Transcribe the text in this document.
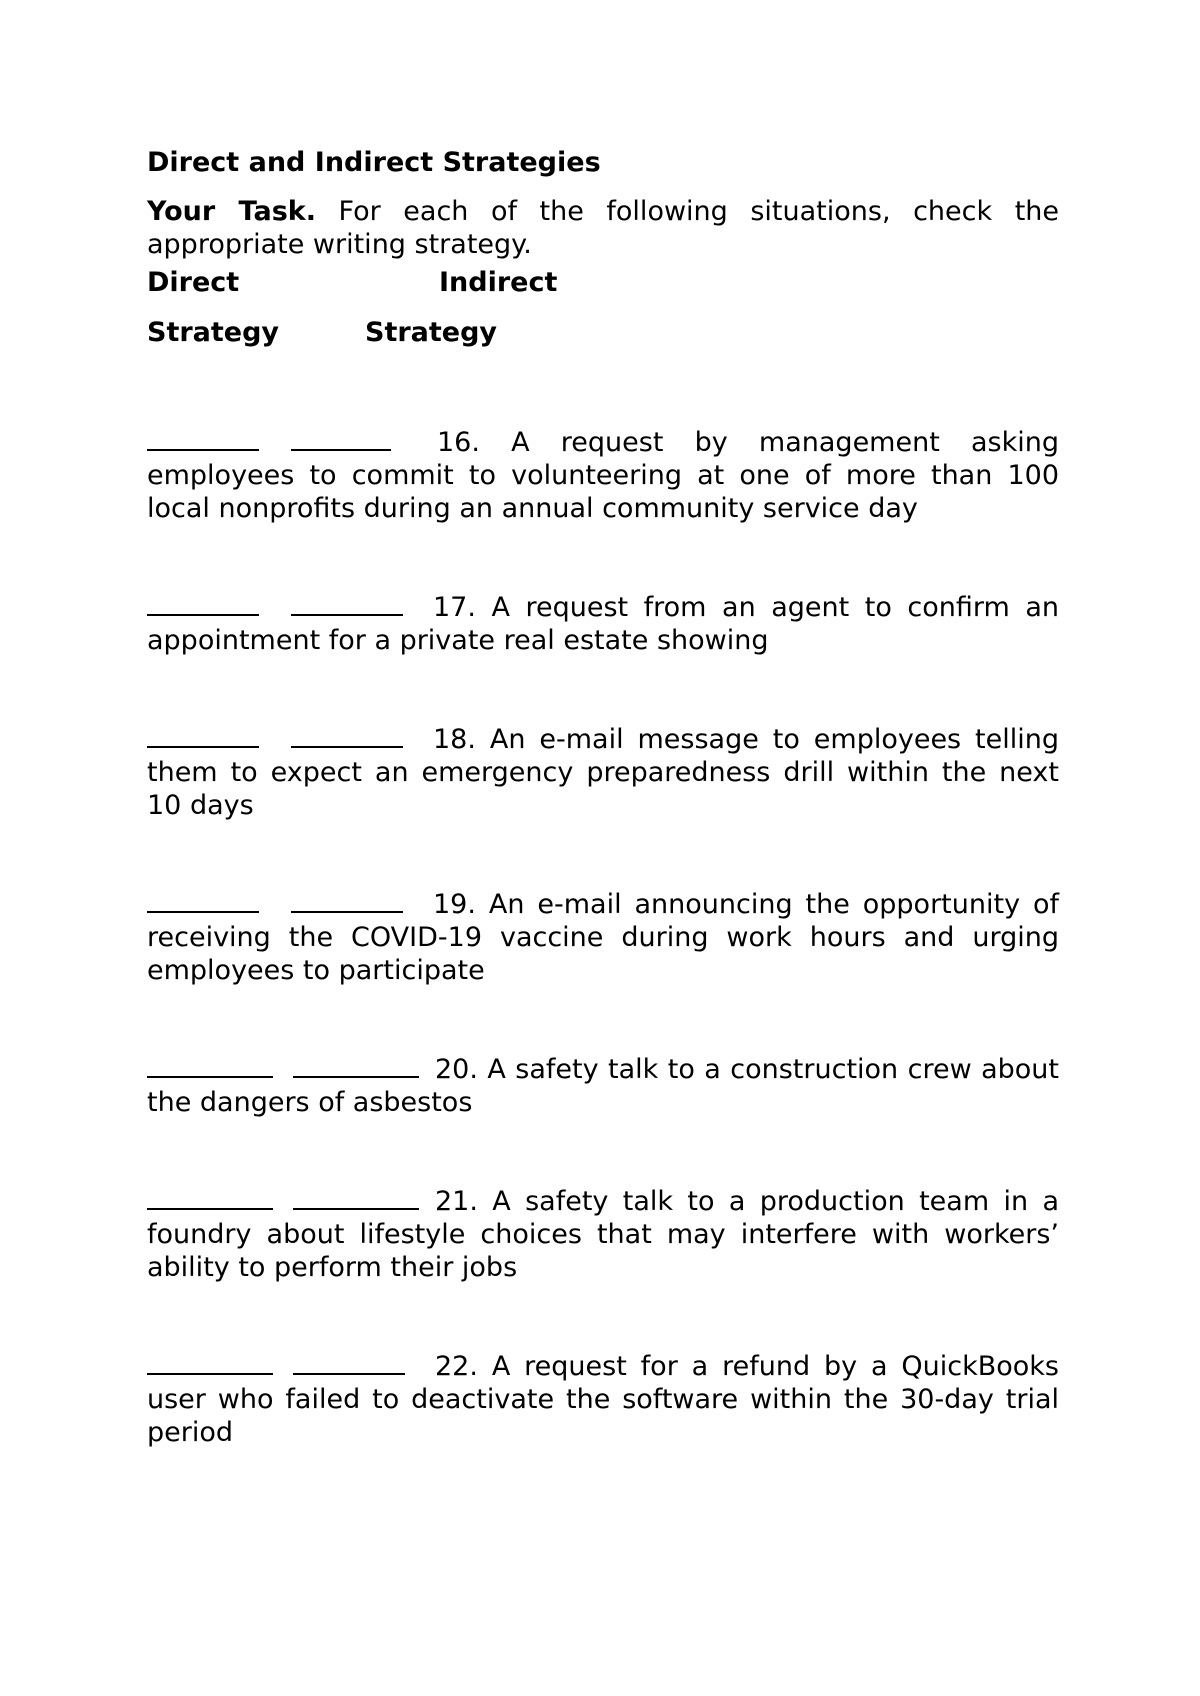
Direct and Indirect Strategies
Your Task. For each of the following situations, check the appropriate writing strategy.
Direct	Indirect
Strategy	Strategy
16. A request by management asking employees to commit to volunteering at one of more than 100 local nonprofits during an annual community service day
17. A request from an agent to confirm an appointment for a private real estate showing
18. An e-mail message to employees telling them to expect an emergency preparedness drill within the next 10 days
19. An e-mail announcing the opportunity of receiving the COVID-19 vaccine during work hours and urging employees to participate
20. A safety talk to a construction crew about the dangers of asbestos
21. A safety talk to a production team in a foundry about lifestyle choices that may interfere with workers’ ability to perform their jobs
22. A request for a refund by a QuickBooks user who failed to deactivate the software within the 30-day trial period
